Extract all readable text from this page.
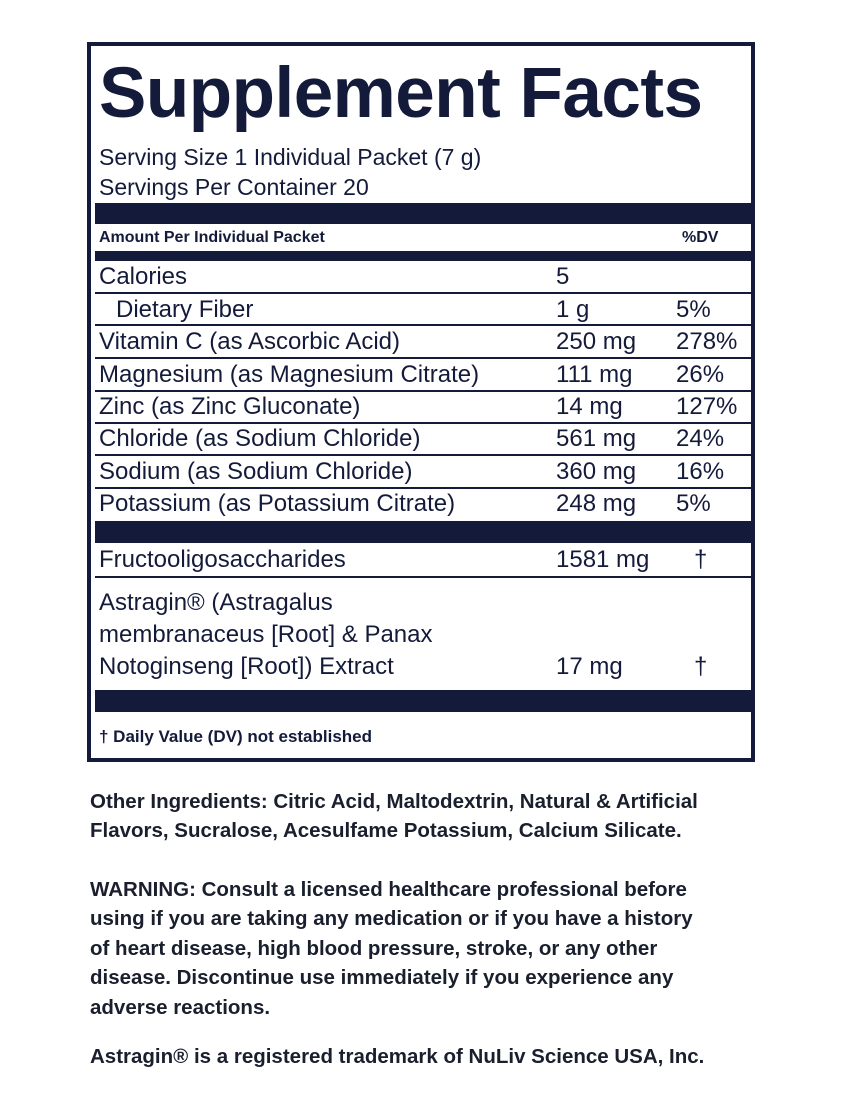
Supplement Facts
Serving Size 1 Individual Packet (7 g)
Servings Per Container 20
Amount Per Individual Packet	%DV
Calories	5
Dietary Fiber	1 g	5%
Vitamin C (as Ascorbic Acid)	250 mg 278%
Magnesium (as Magnesium Citrate)	111 mg 26%
Zinc (as Zinc Gluconate)	14 mg 127%
Chloride (as Sodium Chloride)	561 mg 24%
Sodium (as Sodium Chloride)	360 mg 16%
Potassium (as Potassium Citrate)	248 mg 5%
Fructooligosaccharides	1581 mg †
Astragin® (Astragalus
membranaceus [Root] & Panax
Notoginseng [Root]) Extract	17 mg	†
† Daily Value (DV) not established

Other Ingredients: Citric Acid, Maltodextrin, Natural & Artificial
Flavors, Sucralose, Acesulfame Potassium, Calcium Silicate.

WARNING: Consult a licensed healthcare professional before
using if you are taking any medication or if you have a history
of heart disease, high blood pressure, stroke, or any other
disease. Discontinue use immediately if you experience any
adverse reactions.

Astragin® is a registered trademark of NuLiv Science USA, Inc.
